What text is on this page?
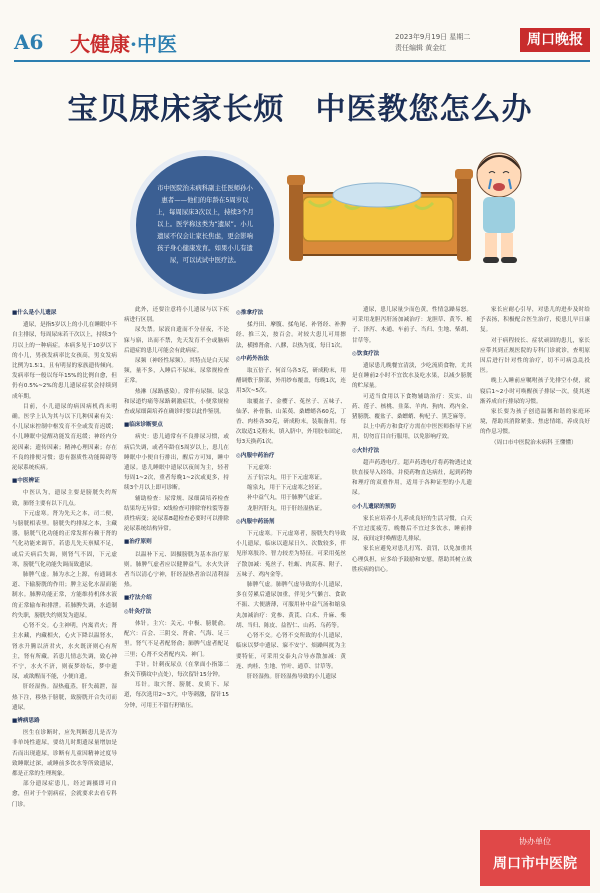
A6 大健康·中医	2023年9月19日 星期二
责任编辑 黄金红	周口晚报
宝贝尿床家长烦　中医教您怎么办
市中医院治未病科副主任医师孙小惠者——他们的年龄在5周岁以上，每周尿床3次以上，持续3个月以上。医学称这类为“遗尿”。小儿遗尿不仅会让家长焦虑，更会影响孩子身心健康发育。如果小儿有遗尿，可以试试中医疗法。
■什么是小儿遗尿

遗尿，是指5岁以上的小儿在睡眠中不自主排尿，每周尿床若干次以上，持续3个月以上的一种病症。本病多见于10岁以下的小儿，男孩发病率比女孩高，男女发病比例为1.5∶1，且有明显的家族遗传倾向。发病率每一般以每年15%的比例自愈，但仍有0.5%~2%的患儿遗尿症状会持续到成年期。

目前，小儿遗尿的病因病机尚未明确。医学上认为其与以下几种因素有关：小儿尿床控制中枢发育不全或发育迟缓；小儿睡眠中觉醒功能发育迟缓；神经内分泌因素；遗传因素；精神心理因素；存在不良的排便习惯；患有器质性功能障碍等泌尿系统疾病。

■中医辨证

中医认为，遗尿主要是膀胱失约所致，肺肾主要有以下几点。

下元虚寒。肾为先天之本，司二便，与膀胱相表里。膀胱失约排尿之本，主藏器，膀胱气化功能的正常发挥有赖于肾的气化功能来调节。若患儿先天禀赋不足，或后天病后失调，则肾气不固，下元虚寒，膀胱气化功能失调而致遗尿。

肺脾气虚。肺为水之上源，有通调水道、下输膀胱的作用；脾主运化水湿而能制水。肺脾功能正常，方能维持机体水液的正常输布和排泄。若肺脾失调，水道制约失职，膀胱失约则发为遗尿。

心肾不交。心主神明，内寓君火；肾主水藏，内藏相火，心火下降以温肾水，肾水升腾以济君火，水火既济则心有所主，肾有所藏。若患儿情志失调，致心神不宁，水火不济，则夜梦纷纭，梦中遗尿，或欲醒而不能，小便自遗。

肝经湿热。湿热蕴蒸，肝失疏泄，湿热下注，移热于膀胱，致膀胱开合失司而遗尿。

■辨病思路

医生在诊断时，应先判断患儿是否为非单纯性遗尿，要幼儿时期遗尿量增加是否而出现遗尿，诊断有儿童因精神过度导致睡眠过深，或睡前多饮水等所致遗尿，都是正常的生理现象。

部分遗尿症患儿，经过调摄即可自愈，但对于个别病症，会就要求去看专科门诊。

此外，还要注意将小儿遗尿与以下疾病进行区别。

尿失禁。尿液自遗而不分昼夜，不论寐与寤，出而不禁，先天发育不全或脑病后遗症的患儿可能会有此病症。

尿频（神经性尿频）。其特点是白天尿频，量不多，入睡后不尿床，尿常规检查正常。

热淋（尿路感染）。常伴有尿频、尿急和尿道灼痛等尿路刺激症状，小便常规检查或尿细菌培养在确诊时要以此作鉴别。

■临床诊断要点

病史：患儿通常有不良排尿习惯，或病后失调，或者年龄在5周岁以上，患儿在睡眠中小便自行排出，醒后方可知，睡中遗尿。患儿睡眠中遗尿以夜间为主，轻者每周1~2次，重者每晚1~2次或更多，持续3个月以上即可诊断。

辅助检查：尿常规、尿细菌培养检查结果均无异常；X线检查可排除脊柱裂等器质性病变；泌尿系B超检查必要时可以排除泌尿系统结构异常。

■治疗原则

以温补下元、固摄膀胱为基本治疗原则。肺脾气虚者应以健脾益气，水火失济者当以清心宁神，肝经湿热者治以清利湿热。

■疗法介绍
◎针灸疗法

体针。主穴：关元、中极、膀胱俞。配穴：百会、三阴交、肾俞、气海、足三里。肾气不足者配肾俞；肺脾气虚者配足三里；心肾不交者配内关、神门。

手针。针刺夜尿点（在掌面小指第二指关节横纹中点处），每次留针15分钟。

耳针。取穴肾、膀胱、皮质下、尿道，每次选用2~3穴，中等刺激，留针15分钟，可用王不留行籽贴压。

◎推拿疗法

揉丹田、摩腹、揉龟尾、补肾经、补脾经、推三关，按百会。对较大患儿可用擦法，横擦肾俞、八髎，以热为度，每日1次。

◎中药外治法

取五倍子、何首乌各3克，研成粉末，用醋调敷于脐部，外用纱布覆盖，每晚1次，连用3次~5次。

取覆盆子、金樱子、菟丝子、五味子、仙茅、补骨脂、山茱萸、桑螵蛸各60克，丁香、肉桂各30克，研成粉末，装瓶备用。每次取适1克粉末，填入脐中，外用胶布固定，每3天换药1次。

◎内服中药治疗

下元虚寒：

五子衍宗丸，用于下元虚寒证。

缩泉丸，用于下元虚寒之轻证。

补中益气丸，用于肺脾气虚证。

龙胆泻肝丸，用于肝经湿热证。

◎内服中药汤剂

下元虚寒。下元虚寒者，膀胱失约导致小儿遗尿，临床以遗尿日久、次数较多，伴见形寒肢冷、智力较差为特征。可采用菟丝子散加减：菟丝子、牡蛎、肉苁蓉、附子、五味子、鸡内金等。

肺脾气虚。肺脾气虚导致的小儿遗尿，多在劳累后遗尿加重，伴见少气懒言、食欲不振、大便溏薄，可服用补中益气汤和缩泉丸加减治疗：党参、黄芪、白术、升麻、柴胡、当归、陈皮、益智仁、山药、乌药等。

心肾不交。心肾不交所致的小儿遗尿，临床以梦中遗尿、寐不安宁、烦躁叫扰为主要特征，可采用交泰丸合导赤散加减：黄连、肉桂、生地、竹叶、通草、甘草等。

肝经湿热。肝经湿热导致的小儿遗尿

遗尿，患儿尿量少而色黄，性情急躁易怒。可采用龙胆泻肝汤加减治疗：龙胆草、黄芩、栀子、泽泻、木通、车前子、当归、生地、柴胡、甘草等。

◎饮食疗法

遗尿患儿晚餐宜清淡，少吃流质食物，尤其是在睡前2小时不宜饮水及吃水果，以减少膀胱的贮尿量。

可适当食用以下食物辅助治疗：芡实、山药、莲子、核桃、韭菜、羊肉、狗肉、鸡内金、猪膀胱、覆盆子、桑螵蛸、枸杞子、黑芝麻等。

以上中药方和食疗方需在中医医师指导下应用，切勿盲目自行服用，以免影响疗效。

◎火针疗法

超声药透电疗。超声药透电疗将药物透过皮肤直接导入经络，并使药物直达病灶，起到药物和理疗的双重作用，适用于各种证型的小儿遗尿。

◎小儿遗尿的预防

家长应培养小儿养成良好的生活习惯，白天不宜过度疲劳，晚餐后不宜过多饮水，睡前排尿，夜间定时唤醒患儿排尿。

家长应避免对患儿打骂、责罚，以免加重其心理负担，应多给予鼓励和安慰，帮助其树立战胜疾病的信心。

家长应耐心引导，对患儿的进步及时给予表扬，积极配合医生治疗，使患儿早日康复。

对于病程较长、症状顽固的患儿，家长应带其到正规医院的专科门诊就诊，查明原因后进行针对性的治疗，切不可病急乱投医。

晚上入睡前应嘱咐孩子先排空小便，就寝后1~2小时可唤醒孩子排尿一次，使其逐渐养成自行排尿的习惯。

家长要为孩子创造温馨和谐的家庭环境，帮助其消除紧张、焦虑情绪，养成良好的作息习惯。

（周口市中医院治未病科 王懂懂）

协办单位
周口市中医院
